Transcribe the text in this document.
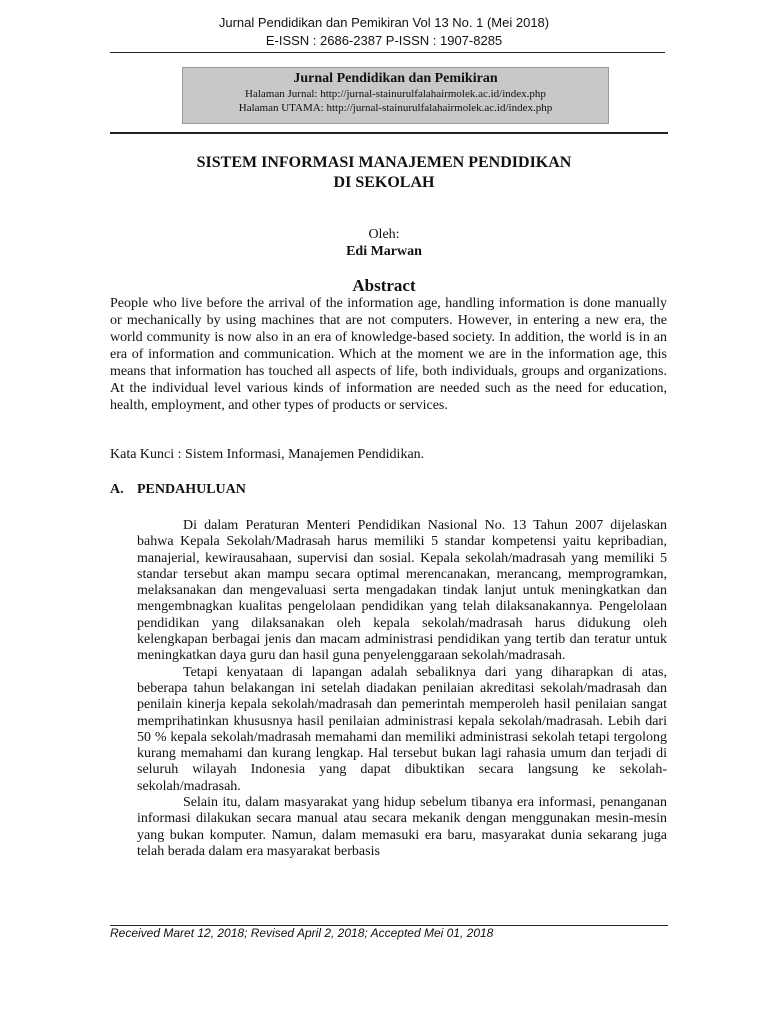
Jurnal Pendidikan dan Pemikiran Vol 13 No. 1 (Mei 2018)
E-ISSN : 2686-2387 P-ISSN : 1907-8285
Jurnal Pendidikan dan Pemikiran
Halaman Jurnal: http://jurnal-stainurulfalahairmolek.ac.id/index.php
Halaman UTAMA: http://jurnal-stainurulfalahairmolek.ac.id/index.php
SISTEM INFORMASI MANAJEMEN PENDIDIKAN
DI SEKOLAH
Oleh:
Edi Marwan
Abstract

People who live before the arrival of the information age, handling information is done manually or mechanically by using machines that are not computers. However, in entering a new era, the world community is now also in an era of knowledge-based society. In addition, the world is in an era of information and communication. Which at the moment we are in the information age, this means that information has touched all aspects of life, both individuals, groups and organizations. At the individual level various kinds of information are needed such as the need for education, health, employment, and other types of products or services.

Kata Kunci : Sistem Informasi, Manajemen Pendidikan.

A. PENDAHULUAN

Di dalam Peraturan Menteri Pendidikan Nasional No. 13 Tahun 2007 dijelaskan bahwa Kepala Sekolah/Madrasah harus memiliki 5 standar kompetensi yaitu kepribadian, manajerial, kewirausahaan, supervisi dan sosial. Kepala sekolah/madrasah yang memiliki 5 standar tersebut akan mampu secara optimal merencanakan, merancang, memprogramkan, melaksanakan dan mengevaluasi serta mengadakan tindak lanjut untuk meningkatkan dan mengembnagkan kualitas pengelolaan pendidikan yang telah dilaksanakannya. Pengelolaan pendidikan yang dilaksanakan oleh kepala sekolah/madrasah harus didukung oleh kelengkapan berbagai jenis dan macam administrasi pendidikan yang tertib dan teratur untuk meningkatkan daya guru dan hasil guna penyelenggaraan sekolah/madrasah.

Tetapi kenyataan di lapangan adalah sebaliknya dari yang diharapkan di atas, beberapa tahun belakangan ini setelah diadakan penilaian akreditasi sekolah/madrasah dan penilain kinerja kepala sekolah/madrasah dan pemerintah memperoleh hasil penilaian sangat memprihatinkan khususnya hasil penilaian administrasi kepala sekolah/madrasah. Lebih dari 50 % kepala sekolah/madrasah memahami dan memiliki administrasi sekolah tetapi tergolong kurang memahami dan kurang lengkap. Hal tersebut bukan lagi rahasia umum dan terjadi di seluruh wilayah Indonesia yang dapat dibuktikan secara langsung ke sekolah-sekolah/madrasah.

Selain itu, dalam masyarakat yang hidup sebelum tibanya era informasi, penanganan informasi dilakukan secara manual atau secara mekanik dengan menggunakan mesin-mesin yang bukan komputer. Namun, dalam memasuki era baru, masyarakat dunia sekarang juga telah berada dalam era masyarakat berbasis

Received Maret 12, 2018; Revised April 2, 2018; Accepted Mei 01, 2018
